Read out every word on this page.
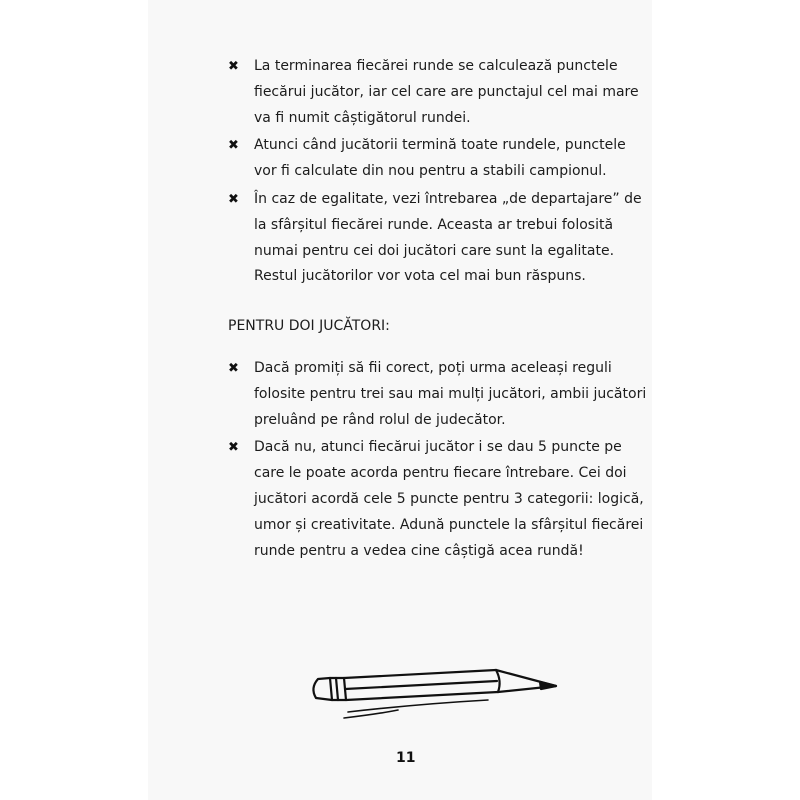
✖ La terminarea fiecărei runde se calculează punctele fiecărui jucător, iar cel care are punctajul cel mai mare va fi numit câștigătorul rundei.
✖ Atunci când jucătorii termină toate rundele, punctele vor fi calculate din nou pentru a stabili campionul.
✖ În caz de egalitate, vezi întrebarea „de departajare” de la sfârșitul fiecărei runde. Aceasta ar trebui folosită numai pentru cei doi jucători care sunt la egalitate. Restul jucătorilor vor vota cel mai bun răspuns.
PENTRU DOI JUCĂTORI:
✖ Dacă promiți să fii corect, poți urma aceleași reguli folosite pentru trei sau mai mulți jucători, ambii jucători preluând pe rând rolul de judecător.
✖ Dacă nu, atunci fiecărui jucător i se dau 5 puncte pe care le poate acorda pentru fiecare întrebare. Cei doi jucători acordă cele 5 puncte pentru 3 categorii: logică, umor și creativitate. Adună punctele la sfârșitul fiecărei runde pentru a vedea cine câștigă acea rundă!
11
